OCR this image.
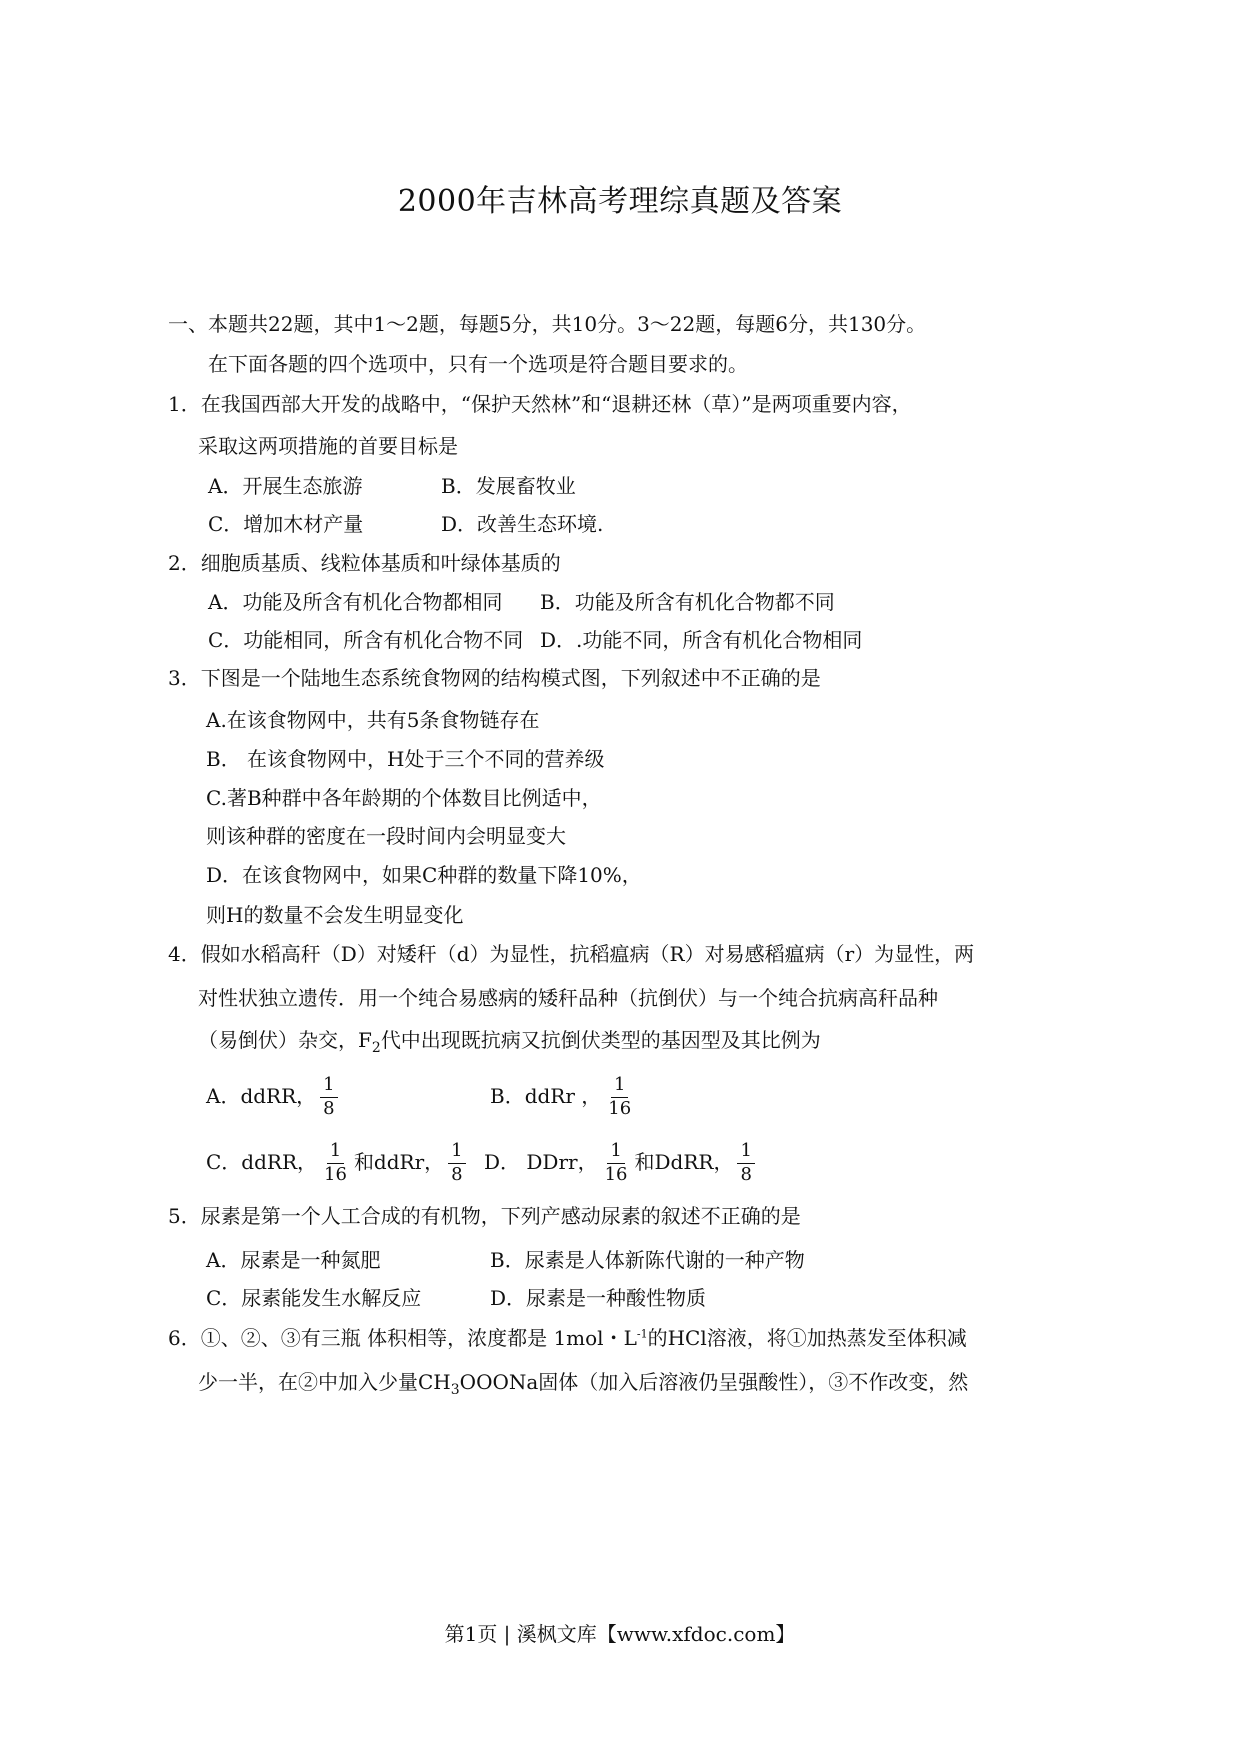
2000年吉林高考理综真题及答案
一、本题共22题，其中1～2题，每题5分，共10分。3～22题，每题6分，共130分。
在下面各题的四个选项中，只有一个选项是符合题目要求的。
1．在我国西部大开发的战略中，“保护天然林”和“退耕还林（草）”是两项重要内容，
采取这两项措施的首要目标是
A．开展生态旅游	B．发展畜牧业
C．增加木材产量	D．改善生态环境.
2．细胞质基质、线粒体基质和叶绿体基质的
A．功能及所含有机化合物都相同 B．功能及所含有机化合物都不同
C．功能相同，所含有机化合物不同 D．.功能不同，所含有机化合物相同
3．下图是一个陆地生态系统食物网的结构模式图，下列叙述中不正确的是
A.在该食物网中，共有5条食物链存在
B． 在该食物网中，H处于三个不同的营养级
C.著B种群中各年龄期的个体数目比例适中，
则该种群的密度在一段时间内会明显变大
D．在该食物网中，如果C种群的数量下降10%，
则H的数量不会发生明显变化
4．假如水稻高秆（D）对矮秆（d）为显性，抗稻瘟病（R）对易感稻瘟病（r）为显性，两
对性状独立遗传．用一个纯合易感病的矮秆品种（抗倒伏）与一个纯合抗病高秆品种
（易倒伏）杂交，$F_2$代中出现既抗病又抗倒伏类型的基因型及其比例为
A．ddRR， $\frac{1}{8}$	B．ddRr ， $\frac{1}{16}$
C．ddRR， $\frac{1}{16}$ 和ddRr， $\frac{1}{8}$ D． DDrr， $\frac{1}{16}$ 和DdRR， $\frac{1}{8}$
5．尿素是第一个人工合成的有机物，下列产感动尿素的叙述不正确的是
A．尿素是一种氮肥	B．尿素是人体新陈代谢的一种产物
C．尿素能发生水解反应	D．尿素是一种酸性物质
6．①、②、③有三瓶 体积相等，浓度都是 1mol・$L^{-1}$的HCl溶液，将①加热蒸发至体积减
少一半，在②中加入少量$CH_3OOONa$固体（加入后溶液仍呈强酸性），③不作改变，然
第1页 | 溪枫文库【www.xfdoc.com】
